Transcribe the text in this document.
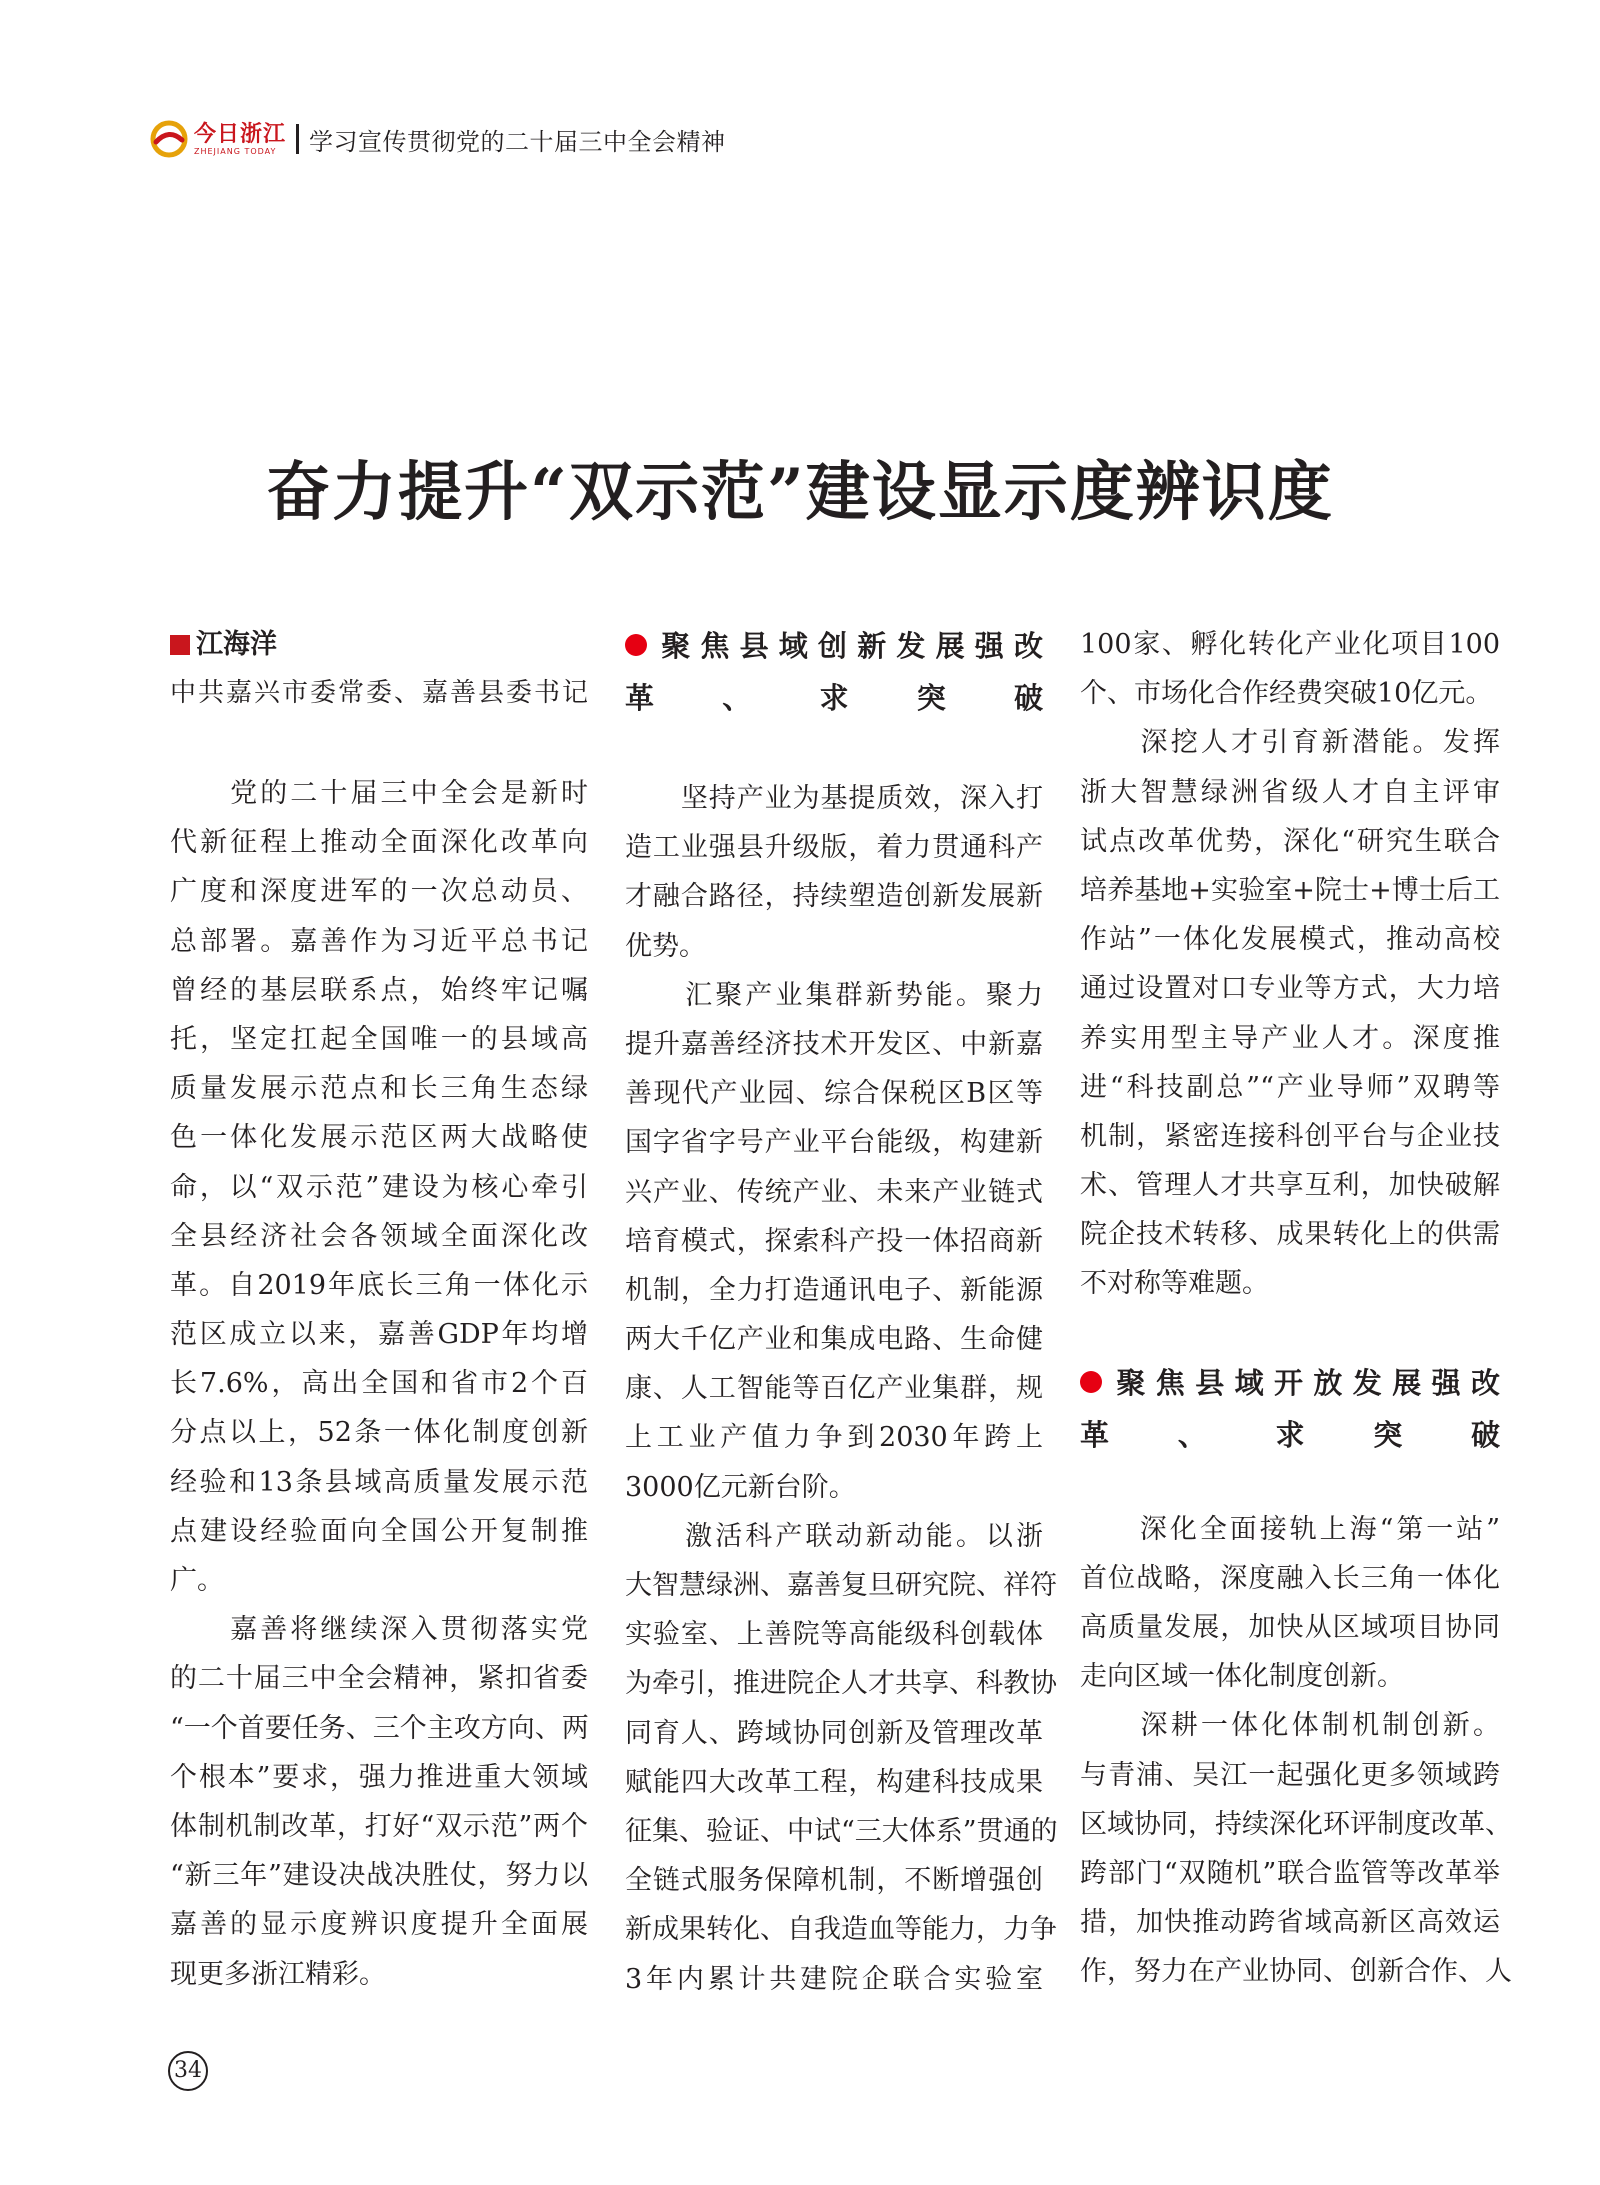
今日浙江
ZHEJIANG TODAY	学习宣传贯彻党的二十届三中全会精神
奋力提升“双示范”建设显示度辨识度
江海洋
中共嘉兴市委常委、嘉善县委书记
　　党的二十届三中全会是新时
代新征程上推动全面深化改革向
广度和深度进军的一次总动员、
总部署。嘉善作为习近平总书记
曾经的基层联系点，始终牢记嘱
托，坚定扛起全国唯一的县域高
质量发展示范点和长三角生态绿
色一体化发展示范区两大战略使
命，以“双示范”建设为核心牵引
全县经济社会各领域全面深化改
革。自2019年底长三角一体化示
范区成立以来，嘉善GDP年均增
长7.6%，高出全国和省市2个百
分点以上，52条一体化制度创新
经验和13条县域高质量发展示范
点建设经验面向全国公开复制推
广。
　　嘉善将继续深入贯彻落实党
的二十届三中全会精神，紧扣省委
“一个首要任务、三个主攻方向、两
个根本”要求，强力推进重大领域
体制机制改革，打好“双示范”两个
“新三年”建设决战决胜仗，努力以
嘉善的显示度辨识度提升全面展
现更多浙江精彩。
聚焦县域创新发展强改
革、求突破
　　坚持产业为基提质效，深入打
造工业强县升级版，着力贯通科产
才融合路径，持续塑造创新发展新
优势。
　　汇聚产业集群新势能。聚力
提升嘉善经济技术开发区、中新嘉
善现代产业园、综合保税区B区等
国字省字号产业平台能级，构建新
兴产业、传统产业、未来产业链式
培育模式，探索科产投一体招商新
机制，全力打造通讯电子、新能源
两大千亿产业和集成电路、生命健
康、人工智能等百亿产业集群，规
上工业产值力争到2030年跨上
3000亿元新台阶。
　　激活科产联动新动能。以浙
大智慧绿洲、嘉善复旦研究院、祥符
实验室、上善院等高能级科创载体
为牵引，推进院企人才共享、科教协
同育人、跨域协同创新及管理改革
赋能四大改革工程，构建科技成果
征集、验证、中试“三大体系”贯通的
全链式服务保障机制，不断增强创
新成果转化、自我造血等能力，力争
3年内累计共建院企联合实验室
100家、孵化转化产业化项目100
个、市场化合作经费突破10亿元。
　　深挖人才引育新潜能。发挥
浙大智慧绿洲省级人才自主评审
试点改革优势，深化“研究生联合
培养基地+实验室+院士+博士后工
作站”一体化发展模式，推动高校
通过设置对口专业等方式，大力培
养实用型主导产业人才。深度推
进“科技副总”“产业导师”双聘等
机制，紧密连接科创平台与企业技
术、管理人才共享互利，加快破解
院企技术转移、成果转化上的供需
不对称等难题。
聚焦县域开放发展强改
革、求突破
　　深化全面接轨上海“第一站”
首位战略，深度融入长三角一体化
高质量发展，加快从区域项目协同
走向区域一体化制度创新。
　　深耕一体化体制机制创新。
与青浦、吴江一起强化更多领域跨
区域协同，持续深化环评制度改革、
跨部门“双随机”联合监管等改革举
措，加快推动跨省域高新区高效运
作，努力在产业协同、创新合作、人
34
